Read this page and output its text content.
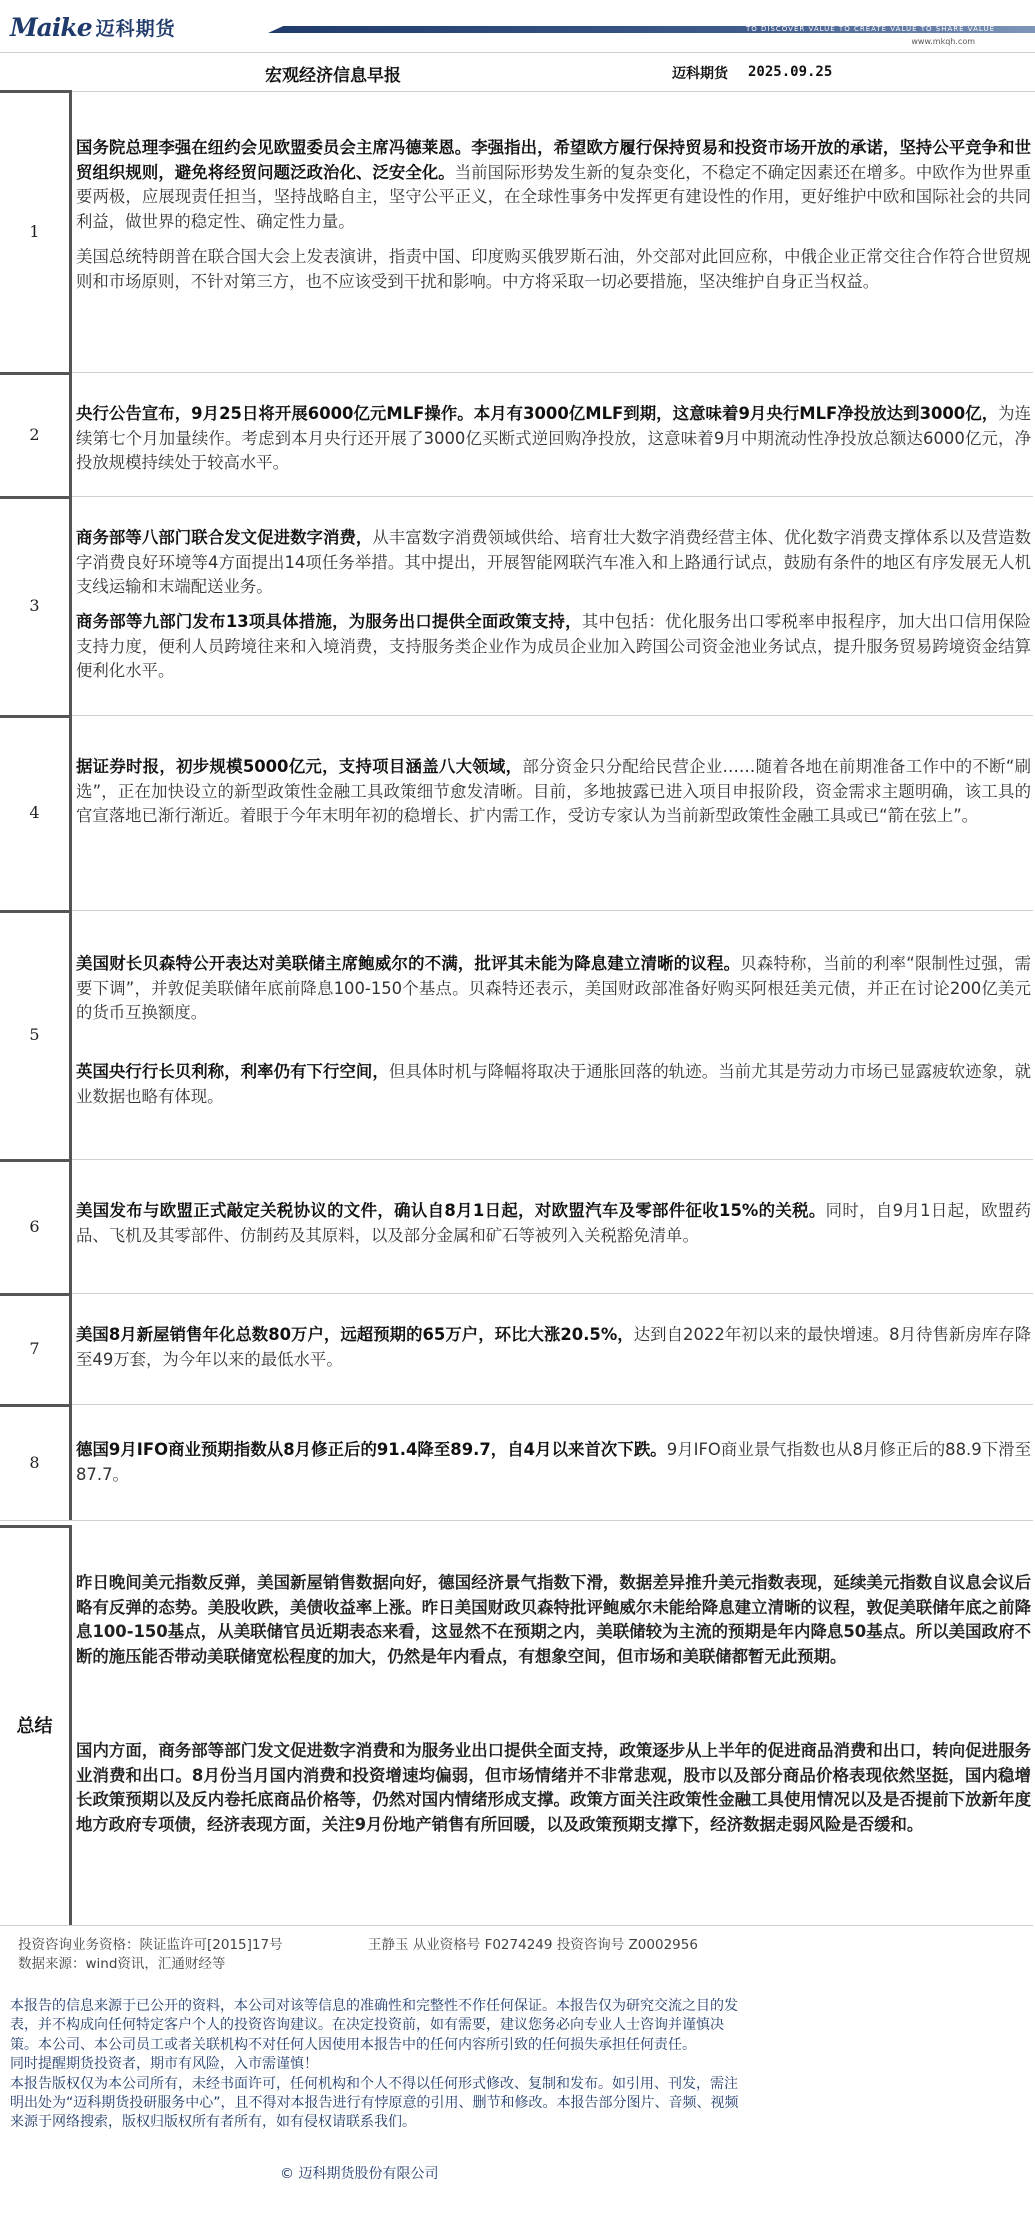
Maike 迈科期货	TO DISCOVER VALUE TO CREATE VALUE TO SHARE VALUE
www.mkqh.com
宏观经济信息早报	迈科期货 2025.09.25
1
国务院总理李强在纽约会见欧盟委员会主席冯德莱恩。李强指出，希望欧方履行保持贸易和投资市场开放的承诺，坚持公平竞争和世贸组织规则，避免将经贸问题泛政治化、泛安全化。当前国际形势发生新的复杂变化，不稳定不确定因素还在增多。中欧作为世界重要两极，应展现责任担当，坚持战略自主，坚守公平正义，在全球性事务中发挥更有建设性的作用，更好维护中欧和国际社会的共同利益，做世界的稳定性、确定性力量。
美国总统特朗普在联合国大会上发表演讲，指责中国、印度购买俄罗斯石油，外交部对此回应称，中俄企业正常交往合作符合世贸规则和市场原则，不针对第三方，也不应该受到干扰和影响。中方将采取一切必要措施，坚决维护自身正当权益。
2
央行公告宣布，9月25日将开展6000亿元MLF操作。本月有3000亿MLF到期，这意味着9月央行MLF净投放达到3000亿，为连续第七个月加量续作。考虑到本月央行还开展了3000亿买断式逆回购净投放，这意味着9月中期流动性净投放总额达6000亿元，净投放规模持续处于较高水平。
3
商务部等八部门联合发文促进数字消费，从丰富数字消费领域供给、培育壮大数字消费经营主体、优化数字消费支撑体系以及营造数字消费良好环境等4方面提出14项任务举措。其中提出，开展智能网联汽车准入和上路通行试点，鼓励有条件的地区有序发展无人机支线运输和末端配送业务。
商务部等九部门发布13项具体措施，为服务出口提供全面政策支持，其中包括：优化服务出口零税率申报程序，加大出口信用保险支持力度，便利人员跨境往来和入境消费，支持服务类企业作为成员企业加入跨国公司资金池业务试点，提升服务贸易跨境资金结算便利化水平。
4
据证券时报，初步规模5000亿元，支持项目涵盖八大领域，部分资金只分配给民营企业……随着各地在前期准备工作中的不断“刷选”，正在加快设立的新型政策性金融工具政策细节愈发清晰。目前，多地披露已进入项目申报阶段，资金需求主题明确，该工具的官宣落地已渐行渐近。着眼于今年末明年初的稳增长、扩内需工作，受访专家认为当前新型政策性金融工具或已“箭在弦上”。
5
美国财长贝森特公开表达对美联储主席鲍威尔的不满，批评其未能为降息建立清晰的议程。贝森特称，当前的利率“限制性过强，需要下调”，并敦促美联储年底前降息100-150个基点。贝森特还表示，美国财政部准备好购买阿根廷美元债，并正在讨论200亿美元的货币互换额度。
英国央行行长贝利称，利率仍有下行空间，但具体时机与降幅将取决于通胀回落的轨迹。当前尤其是劳动力市场已显露疲软迹象，就业数据也略有体现。
6
美国发布与欧盟正式敲定关税协议的文件，确认自8月1日起，对欧盟汽车及零部件征收15%的关税。同时，自9月1日起，欧盟药品、飞机及其零部件、仿制药及其原料，以及部分金属和矿石等被列入关税豁免清单。
7
美国8月新屋销售年化总数80万户，远超预期的65万户，环比大涨20.5%，达到自2022年初以来的最快增速。8月待售新房库存降至49万套，为今年以来的最低水平。
8
德国9月IFO商业预期指数从8月修正后的91.4降至89.7，自4月以来首次下跌。9月IFO商业景气指数也从8月修正后的88.9下滑至87.7。
总结
昨日晚间美元指数反弹，美国新屋销售数据向好，德国经济景气指数下滑，数据差异推升美元指数表现，延续美元指数自议息会议后略有反弹的态势。美股收跌，美债收益率上涨。昨日美国财政贝森特批评鲍威尔未能给降息建立清晰的议程，敦促美联储年底之前降息100-150基点，从美联储官员近期表态来看，这显然不在预期之内，美联储较为主流的预期是年内降息50基点。所以美国政府不断的施压能否带动美联储宽松程度的加大，仍然是年内看点，有想象空间，但市场和美联储都暂无此预期。
国内方面，商务部等部门发文促进数字消费和为服务业出口提供全面支持，政策逐步从上半年的促进商品消费和出口，转向促进服务业消费和出口。8月份当月国内消费和投资增速均偏弱，但市场情绪并不非常悲观，股市以及部分商品价格表现依然坚挺，国内稳增长政策预期以及反内卷托底商品价格等，仍然对国内情绪形成支撑。政策方面关注政策性金融工具使用情况以及是否提前下放新年度地方政府专项债，经济表现方面，关注9月份地产销售有所回暖，以及政策预期支撑下，经济数据走弱风险是否缓和。
投资咨询业务资格：陕证监许可[2015]17号	王静玉 从业资格号 F0274249 投资咨询号 Z0002956
数据来源：wind资讯，汇通财经等

本报告的信息来源于已公开的资料，本公司对该等信息的准确性和完整性不作任何保证。本报告仅为研究交流之目的发表，并不构成向任何特定客户个人的投资咨询建议。在决定投资前，如有需要，建议您务必向专业人士咨询并谨慎决策。本公司、本公司员工或者关联机构不对任何人因使用本报告中的任何内容所引致的任何损失承担任何责任。

同时提醒期货投资者，期市有风险，入市需谨慎！

本报告版权仅为本公司所有，未经书面许可，任何机构和个人不得以任何形式修改、复制和发布。如引用、刊发，需注明出处为“迈科期货投研服务中心”，且不得对本报告进行有悖原意的引用、删节和修改。本报告部分图片、音频、视频来源于网络搜索，版权归版权所有者所有，如有侵权请联系我们。

© 迈科期货股份有限公司
